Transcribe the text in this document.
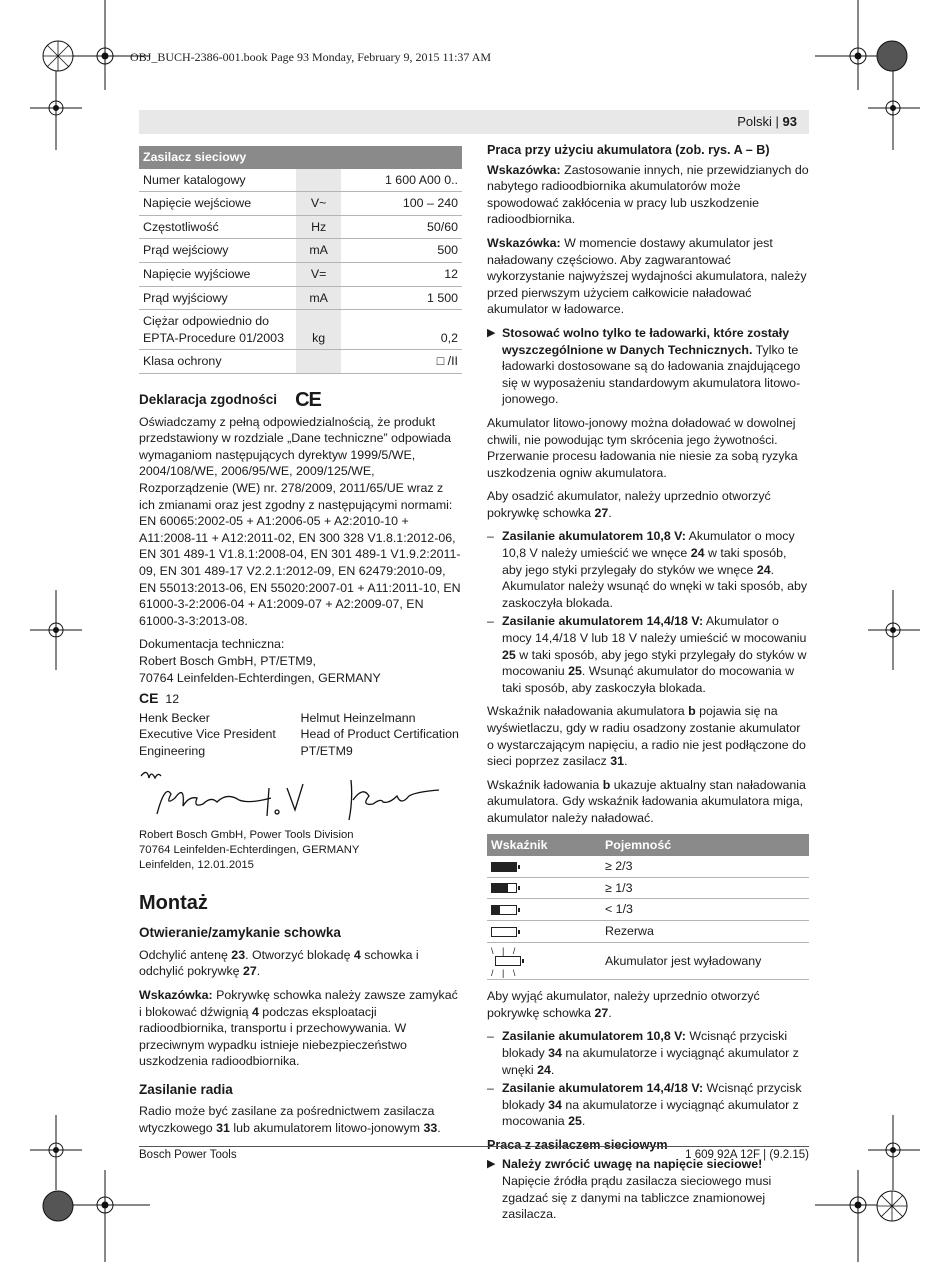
OBJ_BUCH-2386-001.book Page 93 Monday, February 9, 2015 11:37 AM
Polski | 93
Zasilacz sieciowy		
Numer katalogowy		1 600 A00 0..
Napięcie wejściowe	V~	100 – 240
Częstotliwość	Hz	50/60
Prąd wejściowy	mA	500
Napięcie wyjściowe	V=	12
Prąd wyjściowy	mA	1 500
Ciężar odpowiednio do EPTA-Procedure 01/2003	kg	0,2
Klasa ochrony		□ /II
Deklaracja zgodności CE

Oświadczamy z pełną odpowiedzialnością, że produkt przedstawiony w rozdziale „Dane techniczne” odpowiada wymaganiom następujących dyrektyw 1999/5/WE, 2004/108/WE, 2006/95/WE, 2009/125/WE, Rozporządzenie (WE) nr. 278/2009, 2011/65/UE wraz z ich zmianami oraz jest zgodny z następującymi normami: EN 60065:2002-05 + A1:2006-05 + A2:2010-10 + A11:2008-11 + A12:2011-02, EN 300 328 V1.8.1:2012-06, EN 301 489-1 V1.8.1:2008-04, EN 301 489-1 V1.9.2:2011-09, EN 301 489-17 V2.2.1:2012-09, EN 62479:2010-09, EN 55013:2013-06, EN 55020:2007-01 + A11:2011-10, EN 61000-3-2:2006-04 + A1:2009-07 + A2:2009-07, EN 61000-3-3:2013-08.

Dokumentacja techniczna:
Robert Bosch GmbH, PT/ETM9,
70764 Leinfelden-Echterdingen, GERMANY

CE 12

Henk Becker
Executive Vice President
Engineering
Helmut Heinzelmann
Head of Product Certification
PT/ETM9
Robert Bosch GmbH, Power Tools Division
70764 Leinfelden-Echterdingen, GERMANY
Leinfelden, 12.01.2015
Montaż
Otwieranie/zamykanie schowka

Odchylić antenę 23. Otworzyć blokadę 4 schowka i odchylić pokrywkę 27.

Wskazówka: Pokrywkę schowka należy zawsze zamykać i blokować dźwignią 4 podczas eksploatacji radioodbiornika, transportu i przechowywania. W przeciwnym wypadku istnieje niebezpieczeństwo uszkodzenia radioodbiornika.

Zasilanie radia

Radio może być zasilane za pośrednictwem zasilacza wtyczkowego 31 lub akumulatorem litowo-jonowym 33.

Praca przy użyciu akumulatora (zob. rys. A – B)

Wskazówka: Zastosowanie innych, nie przewidzianych do nabytego radioodbiornika akumulatorów może spowodować zakłócenia w pracy lub uszkodzenie radioodbiornika.

Wskazówka: W momencie dostawy akumulator jest naładowany częściowo. Aby zagwarantować wykorzystanie najwyższej wydajności akumulatora, należy przed pierwszym użyciem całkowicie naładować akumulator w ładowarce.

▶ Stosować wolno tylko te ładowarki, które zostały wyszczególnione w Danych Technicznych. Tylko te ładowarki dostosowane są do ładowania znajdującego się w wyposażeniu standardowym akumulatora litowo-jonowego.

Akumulator litowo-jonowy można doładować w dowolnej chwili, nie powodując tym skrócenia jego żywotności. Przerwanie procesu ładowania nie niesie za sobą ryzyka uszkodzenia ogniw akumulatora.

Aby osadzić akumulator, należy uprzednio otworzyć pokrywkę schowka 27.

– Zasilanie akumulatorem 10,8 V: Akumulator o mocy 10,8 V należy umieścić we wnęce 24 w taki sposób, aby jego styki przylegały do styków we wnęce 24. Akumulator należy wsunąć do wnęki w taki sposób, aby zaskoczyła blokada.
– Zasilanie akumulatorem 14,4/18 V: Akumulator o mocy 14,4/18 V lub 18 V należy umieścić w mocowaniu 25 w taki sposób, aby jego styki przylegały do styków w mocowaniu 25. Wsunąć akumulator do mocowania w taki sposób, aby zaskoczyła blokada.

Wskaźnik naładowania akumulatora b pojawia się na wyświetlaczu, gdy w radiu osadzony zostanie akumulator o wystarczającym napięciu, a radio nie jest podłączone do sieci poprzez zasilacz 31.

Wskaźnik ładowania b ukazuje aktualny stan naładowania akumulatora. Gdy wskaźnik ładowania akumulatora miga, akumulator należy naładować.

Wskaźnik	Pojemność

	≥ 2/3

	≥ 1/3

	< 1/3

	Rezerwa

\ | /
/ | \	Akumulator jest wyładowany

Aby wyjąć akumulator, należy uprzednio otworzyć pokrywkę schowka 27.

– Zasilanie akumulatorem 10,8 V: Wcisnąć przyciski blokady 34 na akumulatorze i wyciągnąć akumulator z wnęki 24.
– Zasilanie akumulatorem 14,4/18 V: Wcisnąć przycisk blokady 34 na akumulatorze i wyciągnąć akumulator z mocowania 25.
Praca z zasilaczem sieciowym

▶ Należy zwrócić uwagę na napięcie sieciowe! Napięcie źródła prądu zasilacza sieciowego musi zgadzać się z danymi na tabliczce znamionowej zasilacza.

Bosch Power Tools	1 609 92A 12F | (9.2.15)
